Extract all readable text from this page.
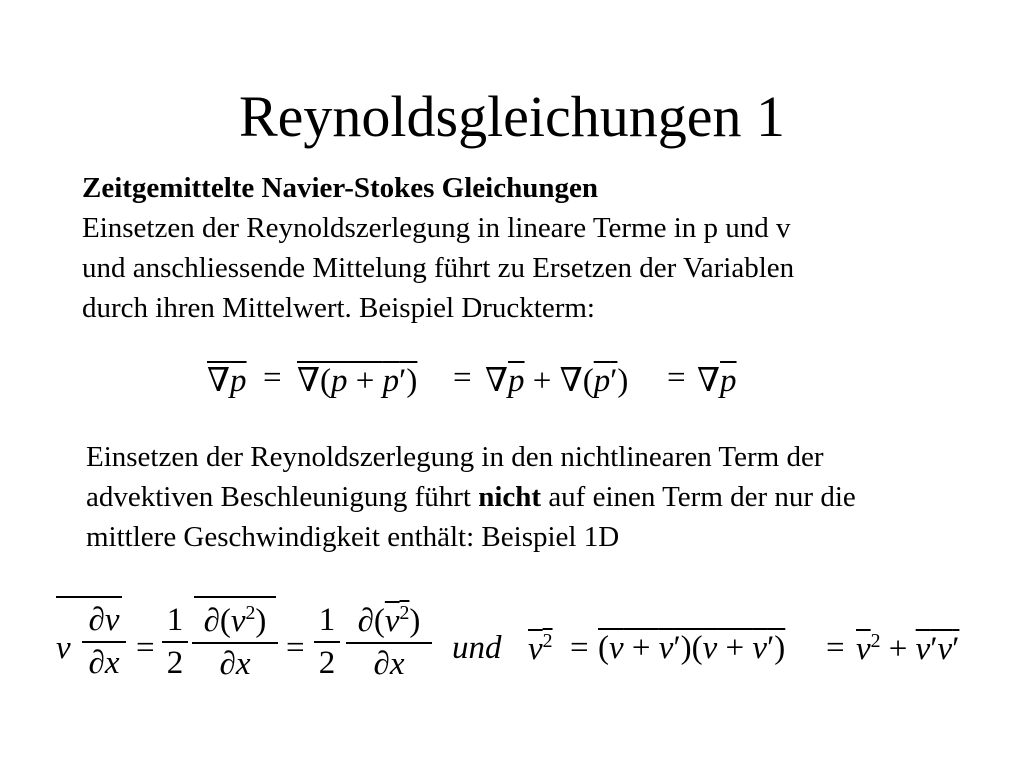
Reynoldsgleichungen 1
Zeitgemittelte Navier-Stokes Gleichungen
Einsetzen der Reynoldszerlegung in lineare Terme in p und v
und anschliessende Mittelung führt zu Ersetzen der Variablen
durch ihren Mittelwert. Beispiel Druckterm:
$\nabla p = \nabla(p + p') = \nabla\overline{p} + \nabla(p') = \nabla\overline{p}$
Einsetzen der Reynoldszerlegung in den nichtlinearen Term der
advektiven Beschleunigung führt nicht auf einen Term der nur die
mittlere Geschwindigkeit enthält: Beispiel 1D
v $\frac{\partial v}{\partial x} = \frac{1}{2} \frac{\partial(v^2)}{\partial x} = \frac{1}{2} \frac{\partial(v^2)}{\partial x}$ und $v^2 = (v + v')(v + v') = \overline{v}^2 + v'v'$
